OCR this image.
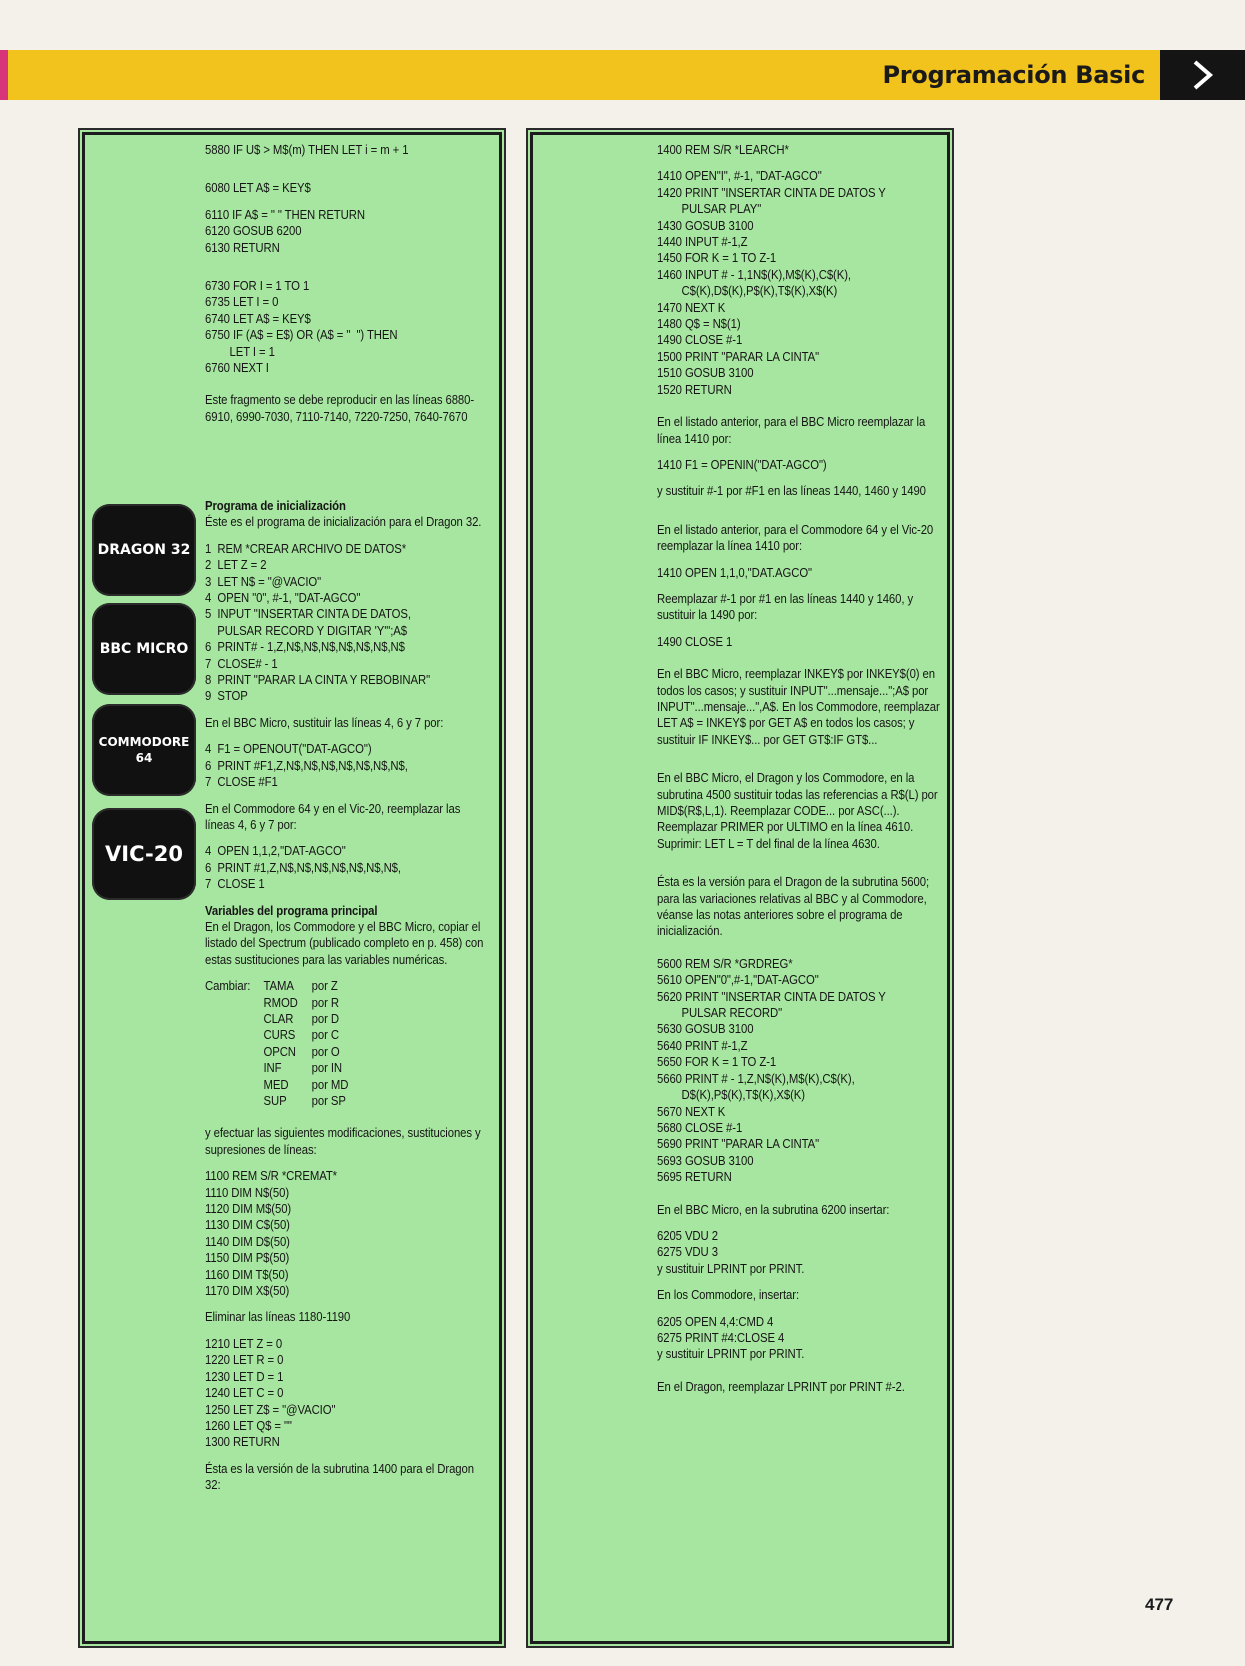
Programación Basic
DRAGON 32
BBC MICRO
COMMODORE
64
VIC-20
5880 IF U$ > M$(m) THEN LET i = m + 1
6080 LET A$ = KEY$
6110 IF A$ = " " THEN RETURN
6120 GOSUB 6200
6130 RETURN
6730 FOR I = 1 TO 1
6735 LET I = 0
6740 LET A$ = KEY$
6750 IF (A$ = E$) OR (A$ = "  ") THEN
LET I = 1
6760 NEXT I

Este fragmento se debe reproducir en las líneas 6880-6910, 6990-7030, 7110-7140, 7220-7250, 7640-7670

Programa de inicialización

Éste es el programa de inicialización para el Dragon 32.

1  REM *CREAR ARCHIVO DE DATOS*
2  LET Z = 2
3  LET N$ = "@VACIO"
4  OPEN "0", #-1, "DAT-AGCO"
5  INPUT "INSERTAR CINTA DE DATOS,
PULSAR RECORD Y DIGITAR 'Y'";A$
6  PRINT# - 1,Z,N$,N$,N$,N$,N$,N$,N$
7  CLOSE# - 1
8  PRINT "PARAR LA CINTA Y REBOBINAR"
9  STOP

En el BBC Micro, sustituir las líneas 4, 6 y 7 por:

4  F1 = OPENOUT("DAT-AGCO")
6  PRINT #F1,Z,N$,N$,N$,N$,N$,N$,N$,
7  CLOSE #F1

En el Commodore 64 y en el Vic-20, reemplazar las líneas 4, 6 y 7 por:

4  OPEN 1,1,2,"DAT-AGCO"
6  PRINT #1,Z,N$,N$,N$,N$,N$,N$,N$,
7  CLOSE 1

Variables del programa principal

En el Dragon, los Commodore y el BBC Micro, copiar el listado del Spectrum (publicado completo en p. 458) con estas sustituciones para las variables numéricas.

Cambiar: TAMA	por Z
RMOD	por R
CLAR	por D
CURS	por C
OPCN	por O
INF	por IN
MED	por MD
SUP	por SP

y efectuar las siguientes modificaciones, sustituciones y supresiones de líneas:

1100 REM S/R *CREMAT*
1110 DIM N$(50)
1120 DIM M$(50)
1130 DIM C$(50)
1140 DIM D$(50)
1150 DIM P$(50)
1160 DIM T$(50)
1170 DIM X$(50)

Eliminar las líneas 1180-1190

1210 LET Z = 0
1220 LET R = 0
1230 LET D = 1
1240 LET C = 0
1250 LET Z$ = "@VACIO"
1260 LET Q$ = ""
1300 RETURN

Ésta es la versión de la subrutina 1400 para el Dragon 32:

1400 REM S/R *LEARCH*
1410 OPEN"I", #-1, "DAT-AGCO"
1420 PRINT "INSERTAR CINTA DE DATOS Y
PULSAR PLAY"
1430 GOSUB 3100
1440 INPUT #-1,Z
1450 FOR K = 1 TO Z-1
1460 INPUT # - 1,1N$(K),M$(K),C$(K),
C$(K),D$(K),P$(K),T$(K),X$(K)
1470 NEXT K
1480 Q$ = N$(1)
1490 CLOSE #-1
1500 PRINT "PARAR LA CINTA"
1510 GOSUB 3100
1520 RETURN

En el listado anterior, para el BBC Micro reemplazar la línea 1410 por:

1410 F1 = OPENIN("DAT-AGCO")

y sustituir #-1 por #F1 en las líneas 1440, 1460 y 1490

En el listado anterior, para el Commodore 64 y el Vic-20 reemplazar la línea 1410 por:

1410 OPEN 1,1,0,"DAT.AGCO"

Reemplazar #-1 por #1 en las líneas 1440 y 1460, y sustituir la 1490 por:

1490 CLOSE 1

En el BBC Micro, reemplazar INKEY$ por INKEY$(0) en todos los casos; y sustituir INPUT"...mensaje...";A$ por INPUT"...mensaje...",A$. En los Commodore, reemplazar LET A$ = INKEY$ por GET A$ en todos los casos; y sustituir IF INKEY$... por GET GT$:IF GT$...

En el BBC Micro, el Dragon y los Commodore, en la subrutina 4500 sustituir todas las referencias a R$(L) por MID$(R$,L,1). Reemplazar CODE... por ASC(...). Reemplazar PRIMER por ULTIMO en la línea 4610.

Suprimir: LET L = T del final de la línea 4630.

Ésta es la versión para el Dragon de la subrutina 5600; para las variaciones relativas al BBC y al Commodore, véanse las notas anteriores sobre el programa de inicialización.

5600 REM S/R *GRDREG*
5610 OPEN"0",#-1,"DAT-AGCO"
5620 PRINT "INSERTAR CINTA DE DATOS Y
PULSAR RECORD"
5630 GOSUB 3100
5640 PRINT #-1,Z
5650 FOR K = 1 TO Z-1
5660 PRINT # - 1,Z,N$(K),M$(K),C$(K),
D$(K),P$(K),T$(K),X$(K)
5670 NEXT K
5680 CLOSE #-1
5690 PRINT "PARAR LA CINTA"
5693 GOSUB 3100
5695 RETURN

En el BBC Micro, en la subrutina 6200 insertar:

6205 VDU 2
6275 VDU 3

y sustituir LPRINT por PRINT.

En los Commodore, insertar:

6205 OPEN 4,4:CMD 4
6275 PRINT #4:CLOSE 4

y sustituir LPRINT por PRINT.

En el Dragon, reemplazar LPRINT por PRINT #-2.

477
